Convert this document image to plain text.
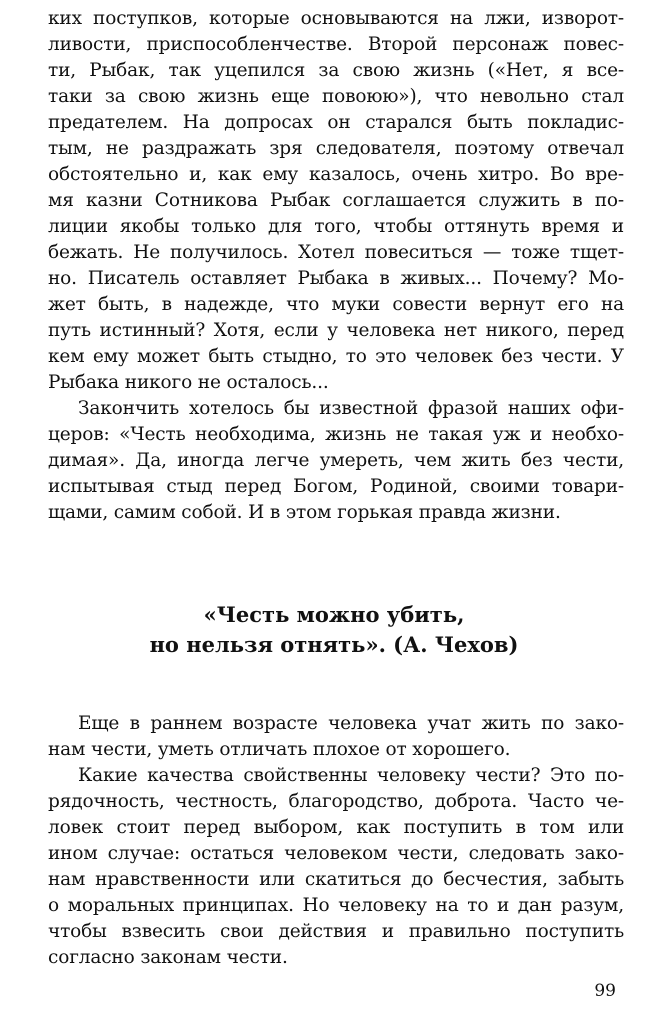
ких поступков, которые основываются на лжи, изворот-
ливости, приспособленчестве. Второй персонаж повес-
ти, Рыбак, так уцепился за свою жизнь («Нет, я все-
таки за свою жизнь еще повоюю»), что невольно стал
предателем. На допросах он старался быть покладис-
тым, не раздражать зря следователя, поэтому отвечал
обстоятельно и, как ему казалось, очень хитро. Во вре-
мя казни Сотникова Рыбак соглашается служить в по-
лиции якобы только для того, чтобы оттянуть время и
бежать. Не получилось. Хотел повеситься — тоже тщет-
но. Писатель оставляет Рыбака в живых... Почему? Мо-
жет быть, в надежде, что муки совести вернут его на
путь истинный? Хотя, если у человека нет никого, перед
кем ему может быть стыдно, то это человек без чести. У
Рыбака никого не осталось...
Закончить хотелось бы известной фразой наших офи-
церов: «Честь необходима, жизнь не такая уж и необхо-
димая». Да, иногда легче умереть, чем жить без чести,
испытывая стыд перед Богом, Родиной, своими товари-
щами, самим собой. И в этом горькая правда жизни.
«Честь можно убить,
но нельзя отнять». (А. Чехов)
Еще в раннем возрасте человека учат жить по зако-
нам чести, уметь отличать плохое от хорошего.
Какие качества свойственны человеку чести? Это по-
рядочность, честность, благородство, доброта. Часто че-
ловек стоит перед выбором, как поступить в том или
ином случае: остаться человеком чести, следовать зако-
нам нравственности или скатиться до бесчестия, забыть
о моральных принципах. Но человеку на то и дан разум,
чтобы взвесить свои действия и правильно поступить
согласно законам чести.
99
